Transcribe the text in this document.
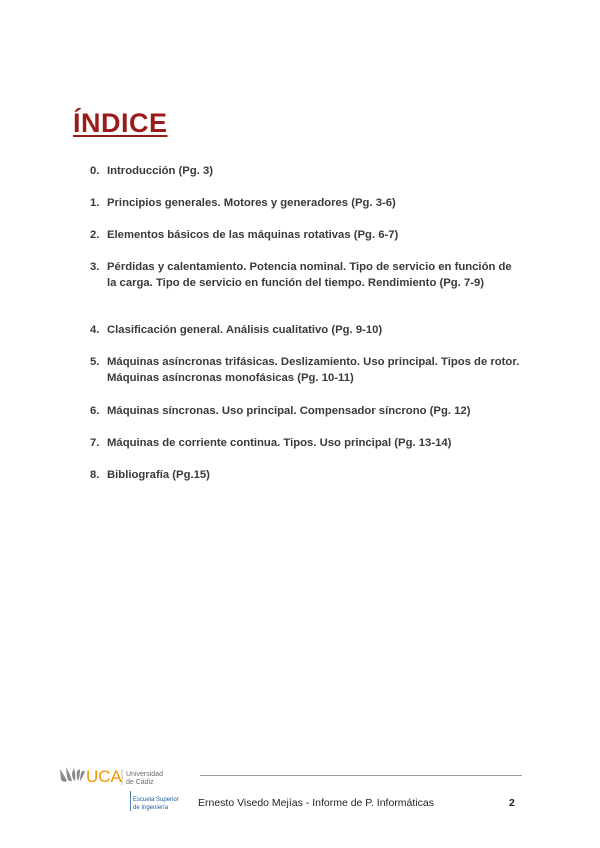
ÍNDICE
0. Introducción (Pg. 3)
1. Principios generales. Motores y generadores (Pg. 3-6)
2. Elementos básicos de las máquinas rotativas (Pg. 6-7)
3. Pérdidas y calentamiento. Potencia nominal. Tipo de servicio en función de la carga. Tipo de servicio en función del tiempo. Rendimiento (Pg. 7-9)
4. Clasificación general. Análisis cualitativo (Pg. 9-10)
5. Máquinas asíncronas trifásicas. Deslizamiento. Uso principal. Tipos de rotor. Máquinas asíncronas monofásicas (Pg. 10-11)
6. Máquinas síncronas. Uso principal. Compensador síncrono (Pg. 12)
7. Máquinas de corriente continua. Tipos. Uso principal (Pg. 13-14)
8. Bibliografía (Pg.15)
UCA Universidad
de Cádiz
Escuela Superior
de Ingeniería	Ernesto Visedo Mejías - Informe de P. Informáticas	2
